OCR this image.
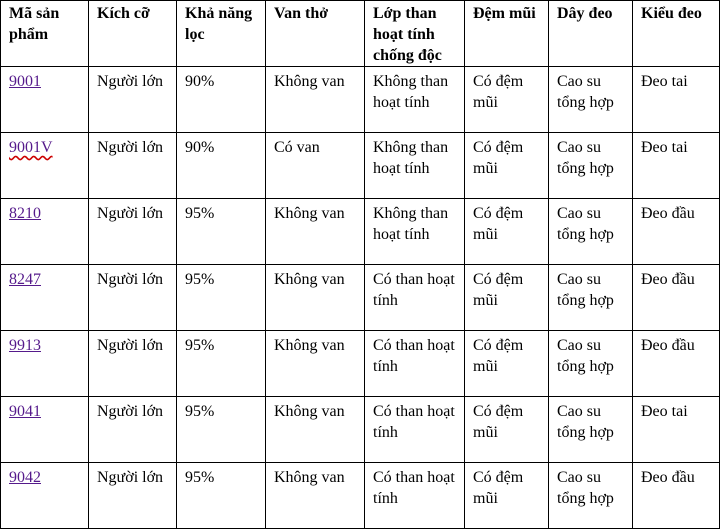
Mã sản phẩm	Kích cỡ	Khả năng lọc	Van thở	Lớp than hoạt tính chống độc	Đệm mũi	Dây đeo	Kiểu đeo
9001	Người lớn	90%	Không van	Không than hoạt tính	Có đệm mũi	Cao su tổng hợp	Đeo tai
9001V	Người lớn	90%	Có van	Không than hoạt tính	Có đệm mũi	Cao su tổng hợp	Đeo tai
8210	Người lớn	95%	Không van	Không than hoạt tính	Có đệm mũi	Cao su tổng hợp	Đeo đầu
8247	Người lớn	95%	Không van	Có than hoạt tính	Có đệm mũi	Cao su tổng hợp	Đeo đầu
9913	Người lớn	95%	Không van	Có than hoạt tính	Có đệm mũi	Cao su tổng hợp	Đeo đầu
9041	Người lớn	95%	Không van	Có than hoạt tính	Có đệm mũi	Cao su tổng hợp	Đeo tai
9042	Người lớn	95%	Không van	Có than hoạt tính	Có đệm mũi	Cao su tổng hợp	Đeo đầu
